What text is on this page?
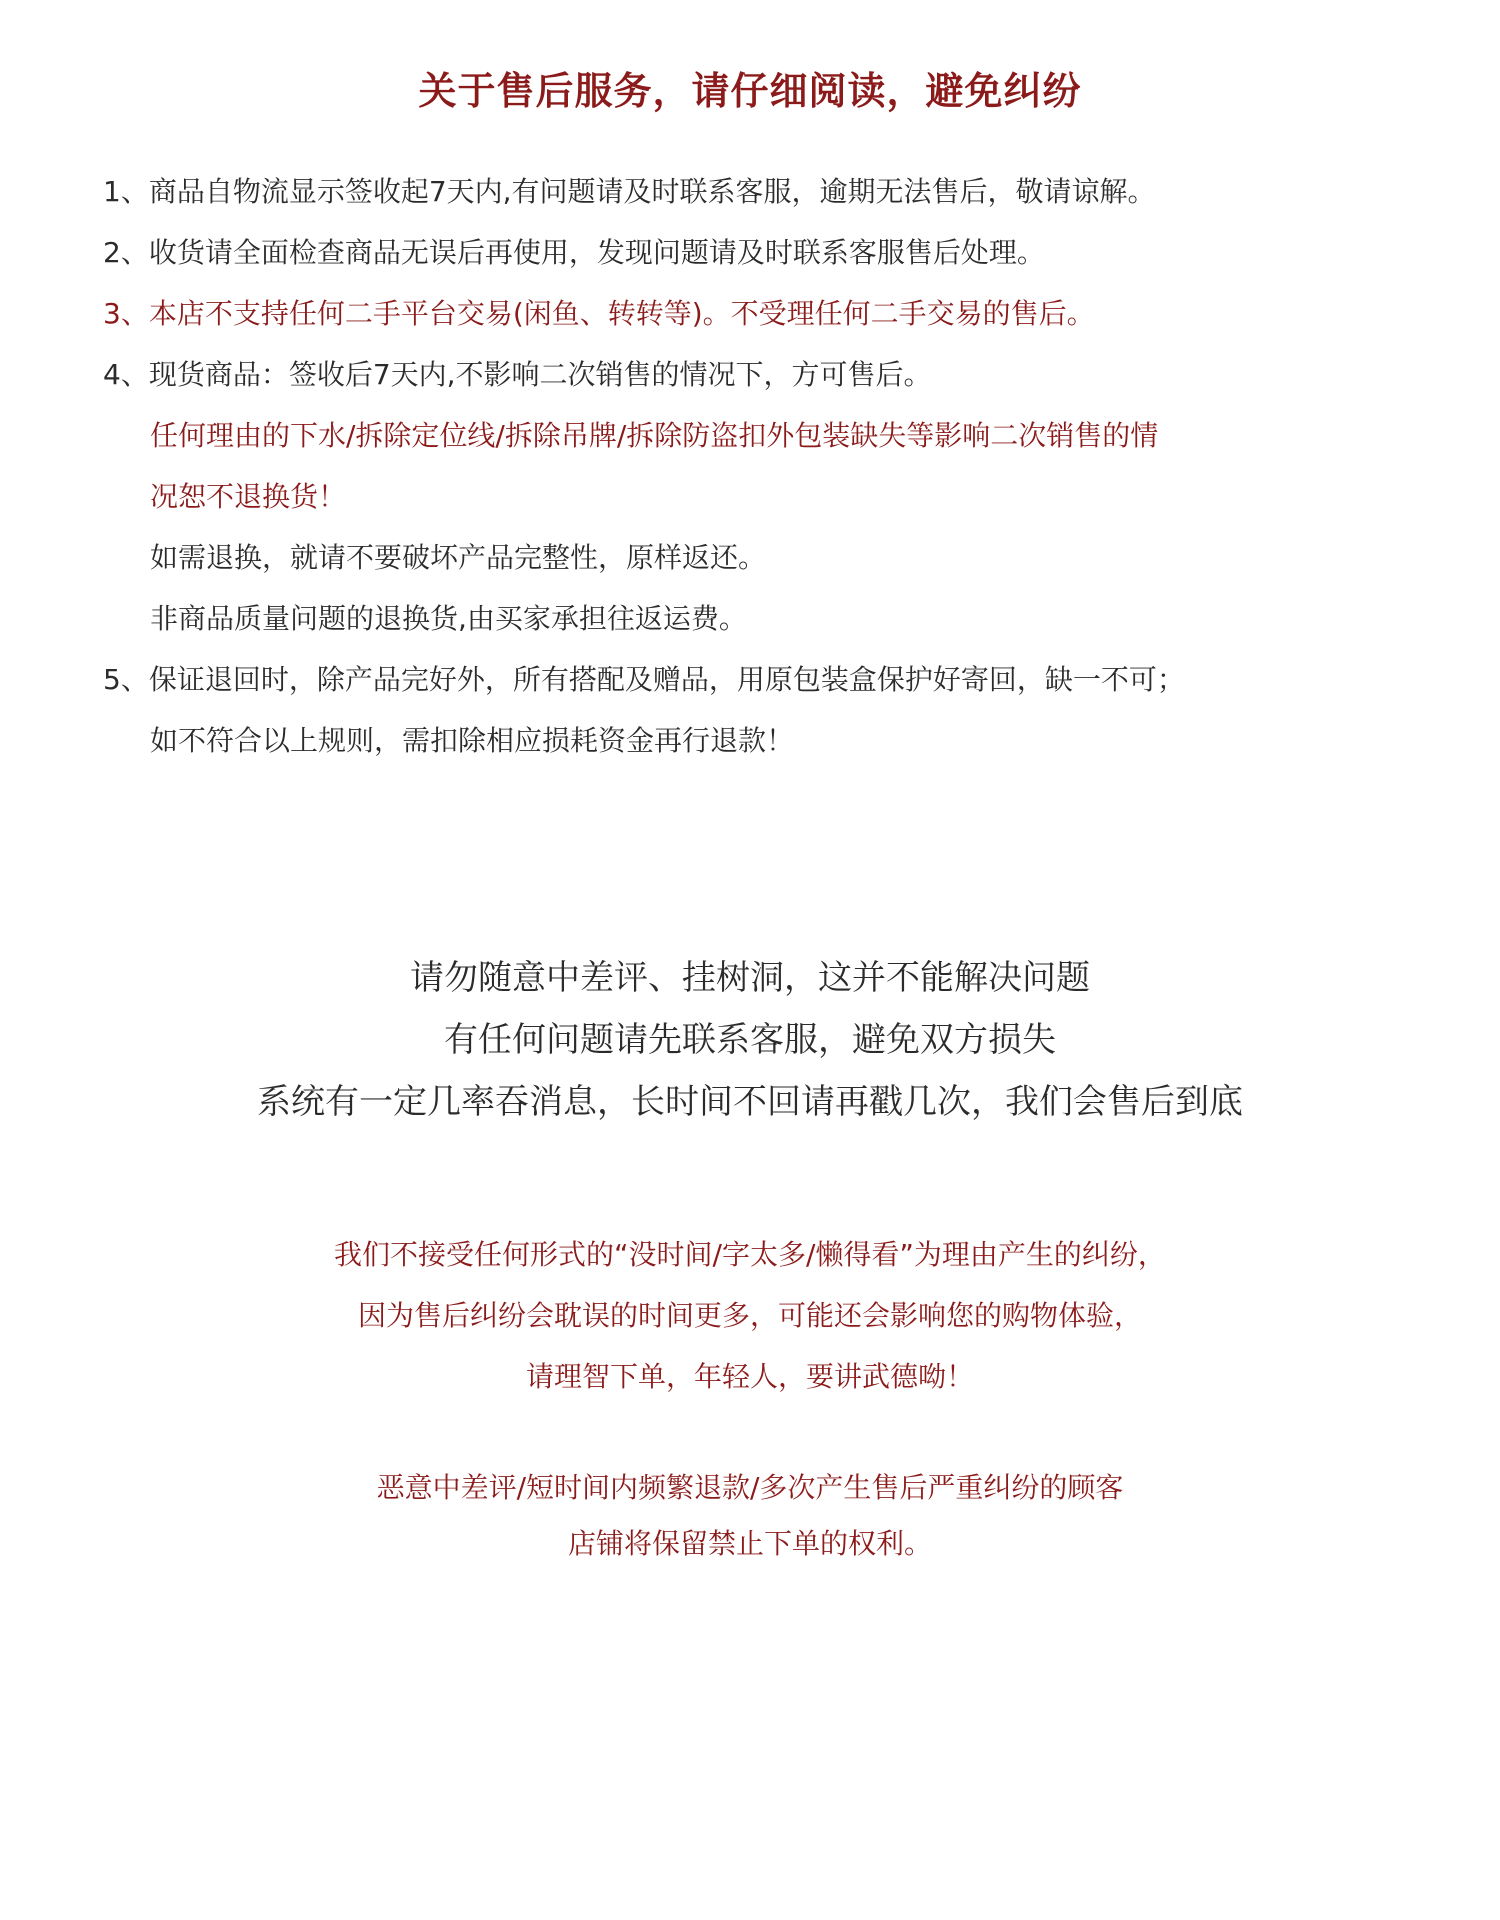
关于售后服务，请仔细阅读，避免纠纷
1、商品自物流显示签收起7天内,有问题请及时联系客服，逾期无法售后，敬请谅解。
2、收货请全面检查商品无误后再使用，发现问题请及时联系客服售后处理。
3、本店不支持任何二手平台交易(闲鱼、转转等)。不受理任何二手交易的售后。
4、现货商品：签收后7天内,不影响二次销售的情况下，方可售后。
任何理由的下水/拆除定位线/拆除吊牌/拆除防盗扣外包装缺失等影响二次销售的情
况恕不退换货！
如需退换，就请不要破坏产品完整性，原样返还。
非商品质量问题的退换货,由买家承担往返运费。
5、保证退回时，除产品完好外，所有搭配及赠品，用原包装盒保护好寄回，缺一不可；
如不符合以上规则，需扣除相应损耗资金再行退款！
请勿随意中差评、挂树洞，这并不能解决问题
有任何问题请先联系客服，避免双方损失
系统有一定几率吞消息，长时间不回请再戳几次，我们会售后到底
我们不接受任何形式的“没时间/字太多/懒得看”为理由产生的纠纷，
因为售后纠纷会耽误的时间更多，可能还会影响您的购物体验，
请理智下单，年轻人，要讲武德呦！
恶意中差评/短时间内频繁退款/多次产生售后严重纠纷的顾客
店铺将保留禁止下单的权利。
